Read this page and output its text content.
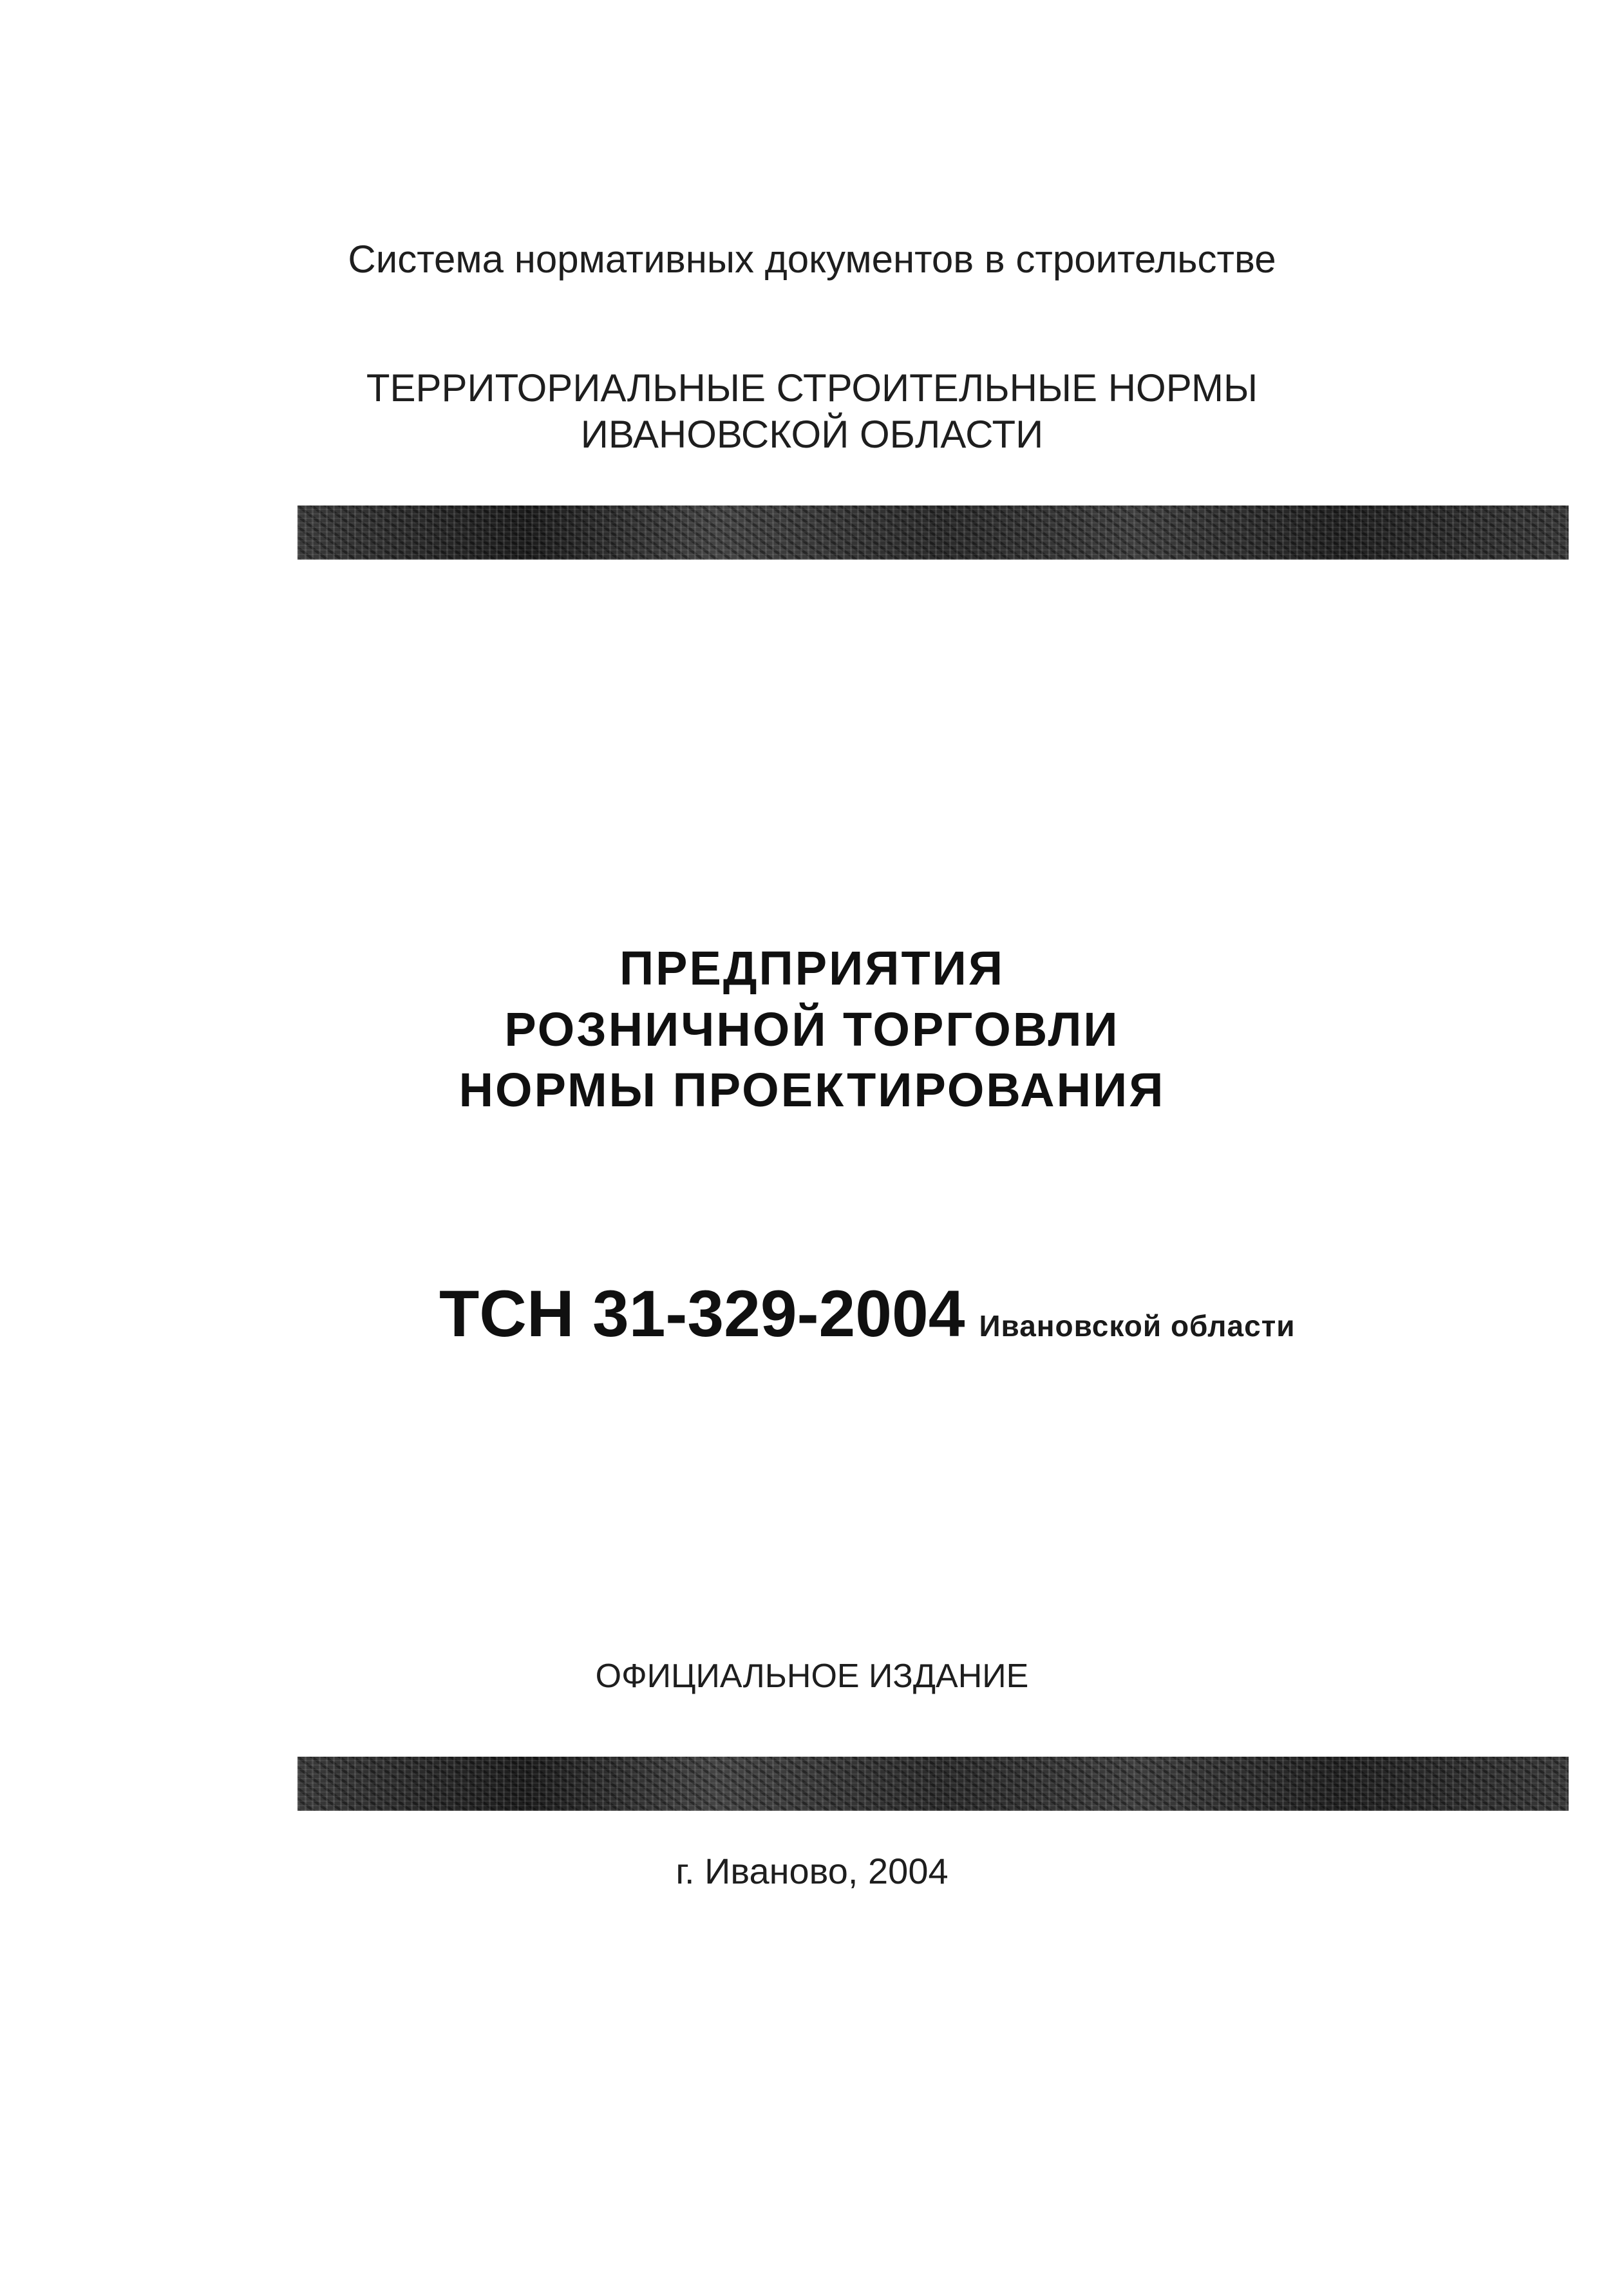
Система нормативных документов в строительстве
ТЕРРИТОРИАЛЬНЫЕ СТРОИТЕЛЬНЫЕ НОРМЫ
ИВАНОВСКОЙ ОБЛАСТИ
ПРЕДПРИЯТИЯ
РОЗНИЧНОЙ ТОРГОВЛИ
НОРМЫ ПРОЕКТИРОВАНИЯ
ТСН 31-329-2004 Ивановской области
ОФИЦИАЛЬНОЕ ИЗДАНИЕ
г. Иваново, 2004
